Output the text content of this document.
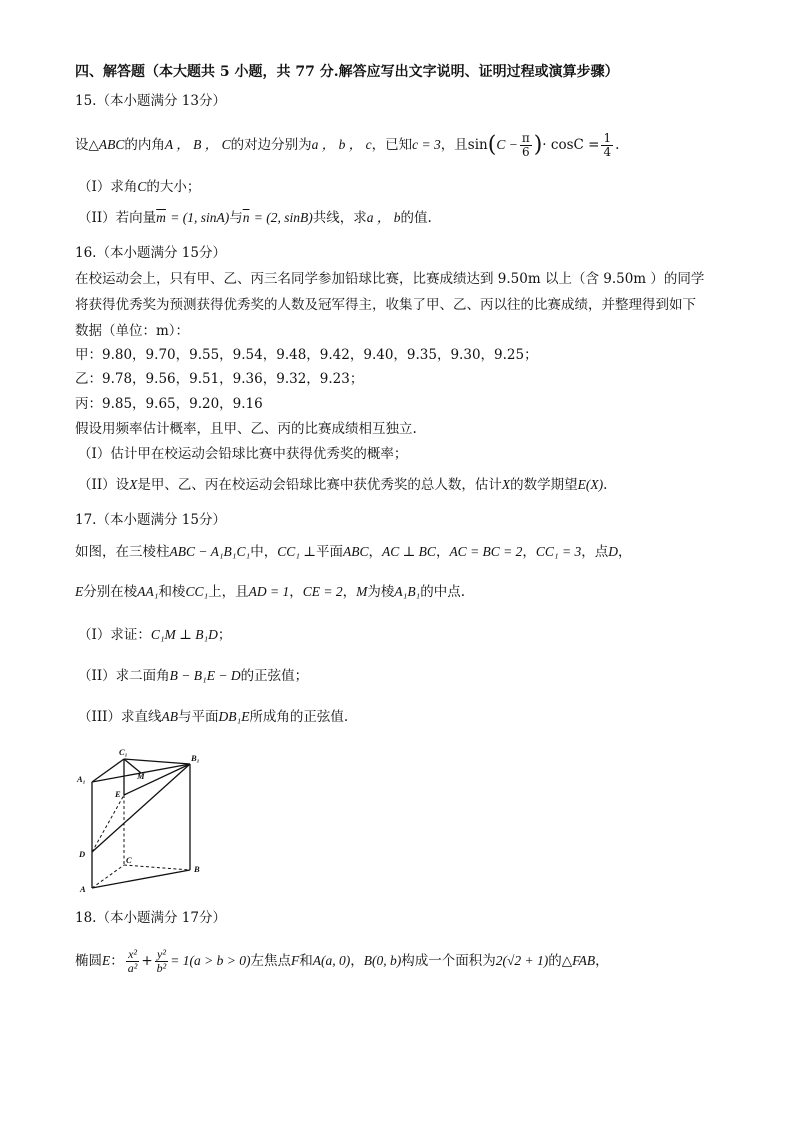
四、解答题（本大题共 5 小题，共 77 分.解答应写出文字说明、证明过程或演算步骤）
15.（本小题满分 13分）
设△ABC的内角A ， B ， C的对边分别为a ， b ， c，已知c = 3，且$\sin(C - \frac{\pi}{6}$ )· $\cos C = \frac{1}{4}$ .
（I）求角C的大小；
（II）若向量$\overline{m} = (1$, sinA)与$\overline{n} = (2$, sinB)共线，求a ， b的值.
16.（本小题满分 15分）
在校运动会上，只有甲、乙、丙三名同学参加铅球比赛，比赛成绩达到 9.50m 以上（含 9.50m ）的同学
将获得优秀奖为预测获得优秀奖的人数及冠军得主，收集了甲、乙、丙以往的比赛成绩，并整理得到如下
数据（单位：m）：
甲：9.80，9.70，9.55，9.54，9.48，9.42，9.40，9.35，9.30，9.25；
乙：9.78，9.56，9.51，9.36，9.32，9.23；
丙：9.85，9.65，9.20，9.16
假设用频率估计概率，且甲、乙、丙的比赛成绩相互独立.
（I）估计甲在校运动会铅球比赛中获得优秀奖的概率；
（II）设X是甲、乙、丙在校运动会铅球比赛中获优秀奖的总人数，估计X的数学期望E(X).
17.（本小题满分 15分）
如图，在三棱柱ABC − A₁B₁C₁中，CC₁ ⊥平面ABC，AC ⊥ BC，AC = BC = 2，CC₁ = 3，点D，
E分别在棱AA₁和棱CC₁上，且AD = 1，CE = 2，M为棱A₁B₁的中点.
（I）求证：C₁M ⊥ B₁D；
（II）求二面角B − B₁E − D的正弦值；
（III）求直线AB与平面DB₁E所成角的正弦值.
C₁
B₁
A₁	M
E
D
C
B
A
18.（本小题满分 17分）
椭圆E： $\frac{\text{x²}}{\text{a²}} + \frac{\text{y²}}{\text{b²}} = 1(a > b > 0)$左焦点F和A(a, 0)，B(0, b)构成一个面积为2(√2 + 1)的△FAB，
